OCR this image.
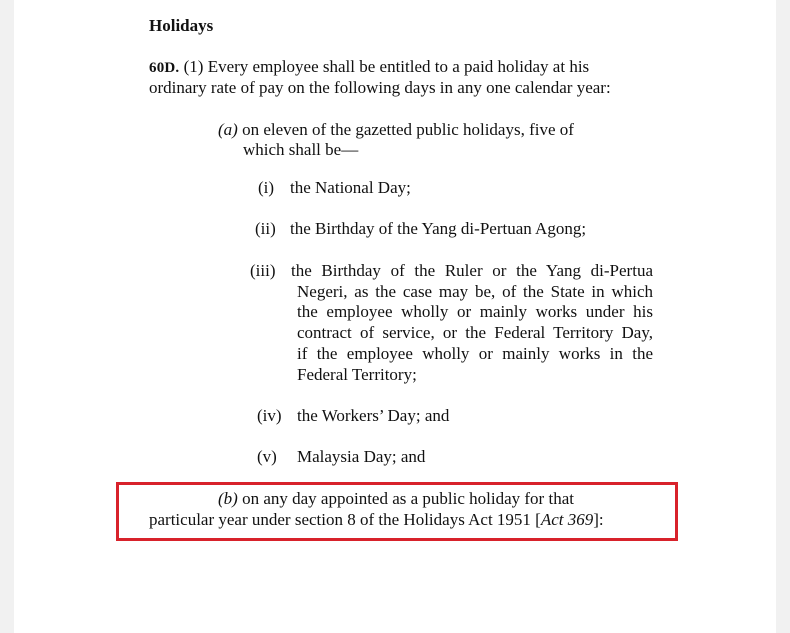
Holidays
60D. (1) Every employee shall be entitled to a paid holiday at his
ordinary rate of pay on the following days in any one calendar year:
(a) on eleven of the gazetted public holidays, five of
which shall be—
(i) the National Day;
(ii) the Birthday of the Yang di-Pertuan Agong;
(iii) the Birthday of the Ruler or the Yang di-Pertua
Negeri, as the case may be, of the State in which
the employee wholly or mainly works under his
contract of service, or the Federal Territory Day,
if the employee wholly or mainly works in the
Federal Territory;
(iv) the Workers’ Day; and
(v) Malaysia Day; and
(b) on any day appointed as a public holiday for that
particular year under section 8 of the Holidays Act 1951 [Act 369]:
